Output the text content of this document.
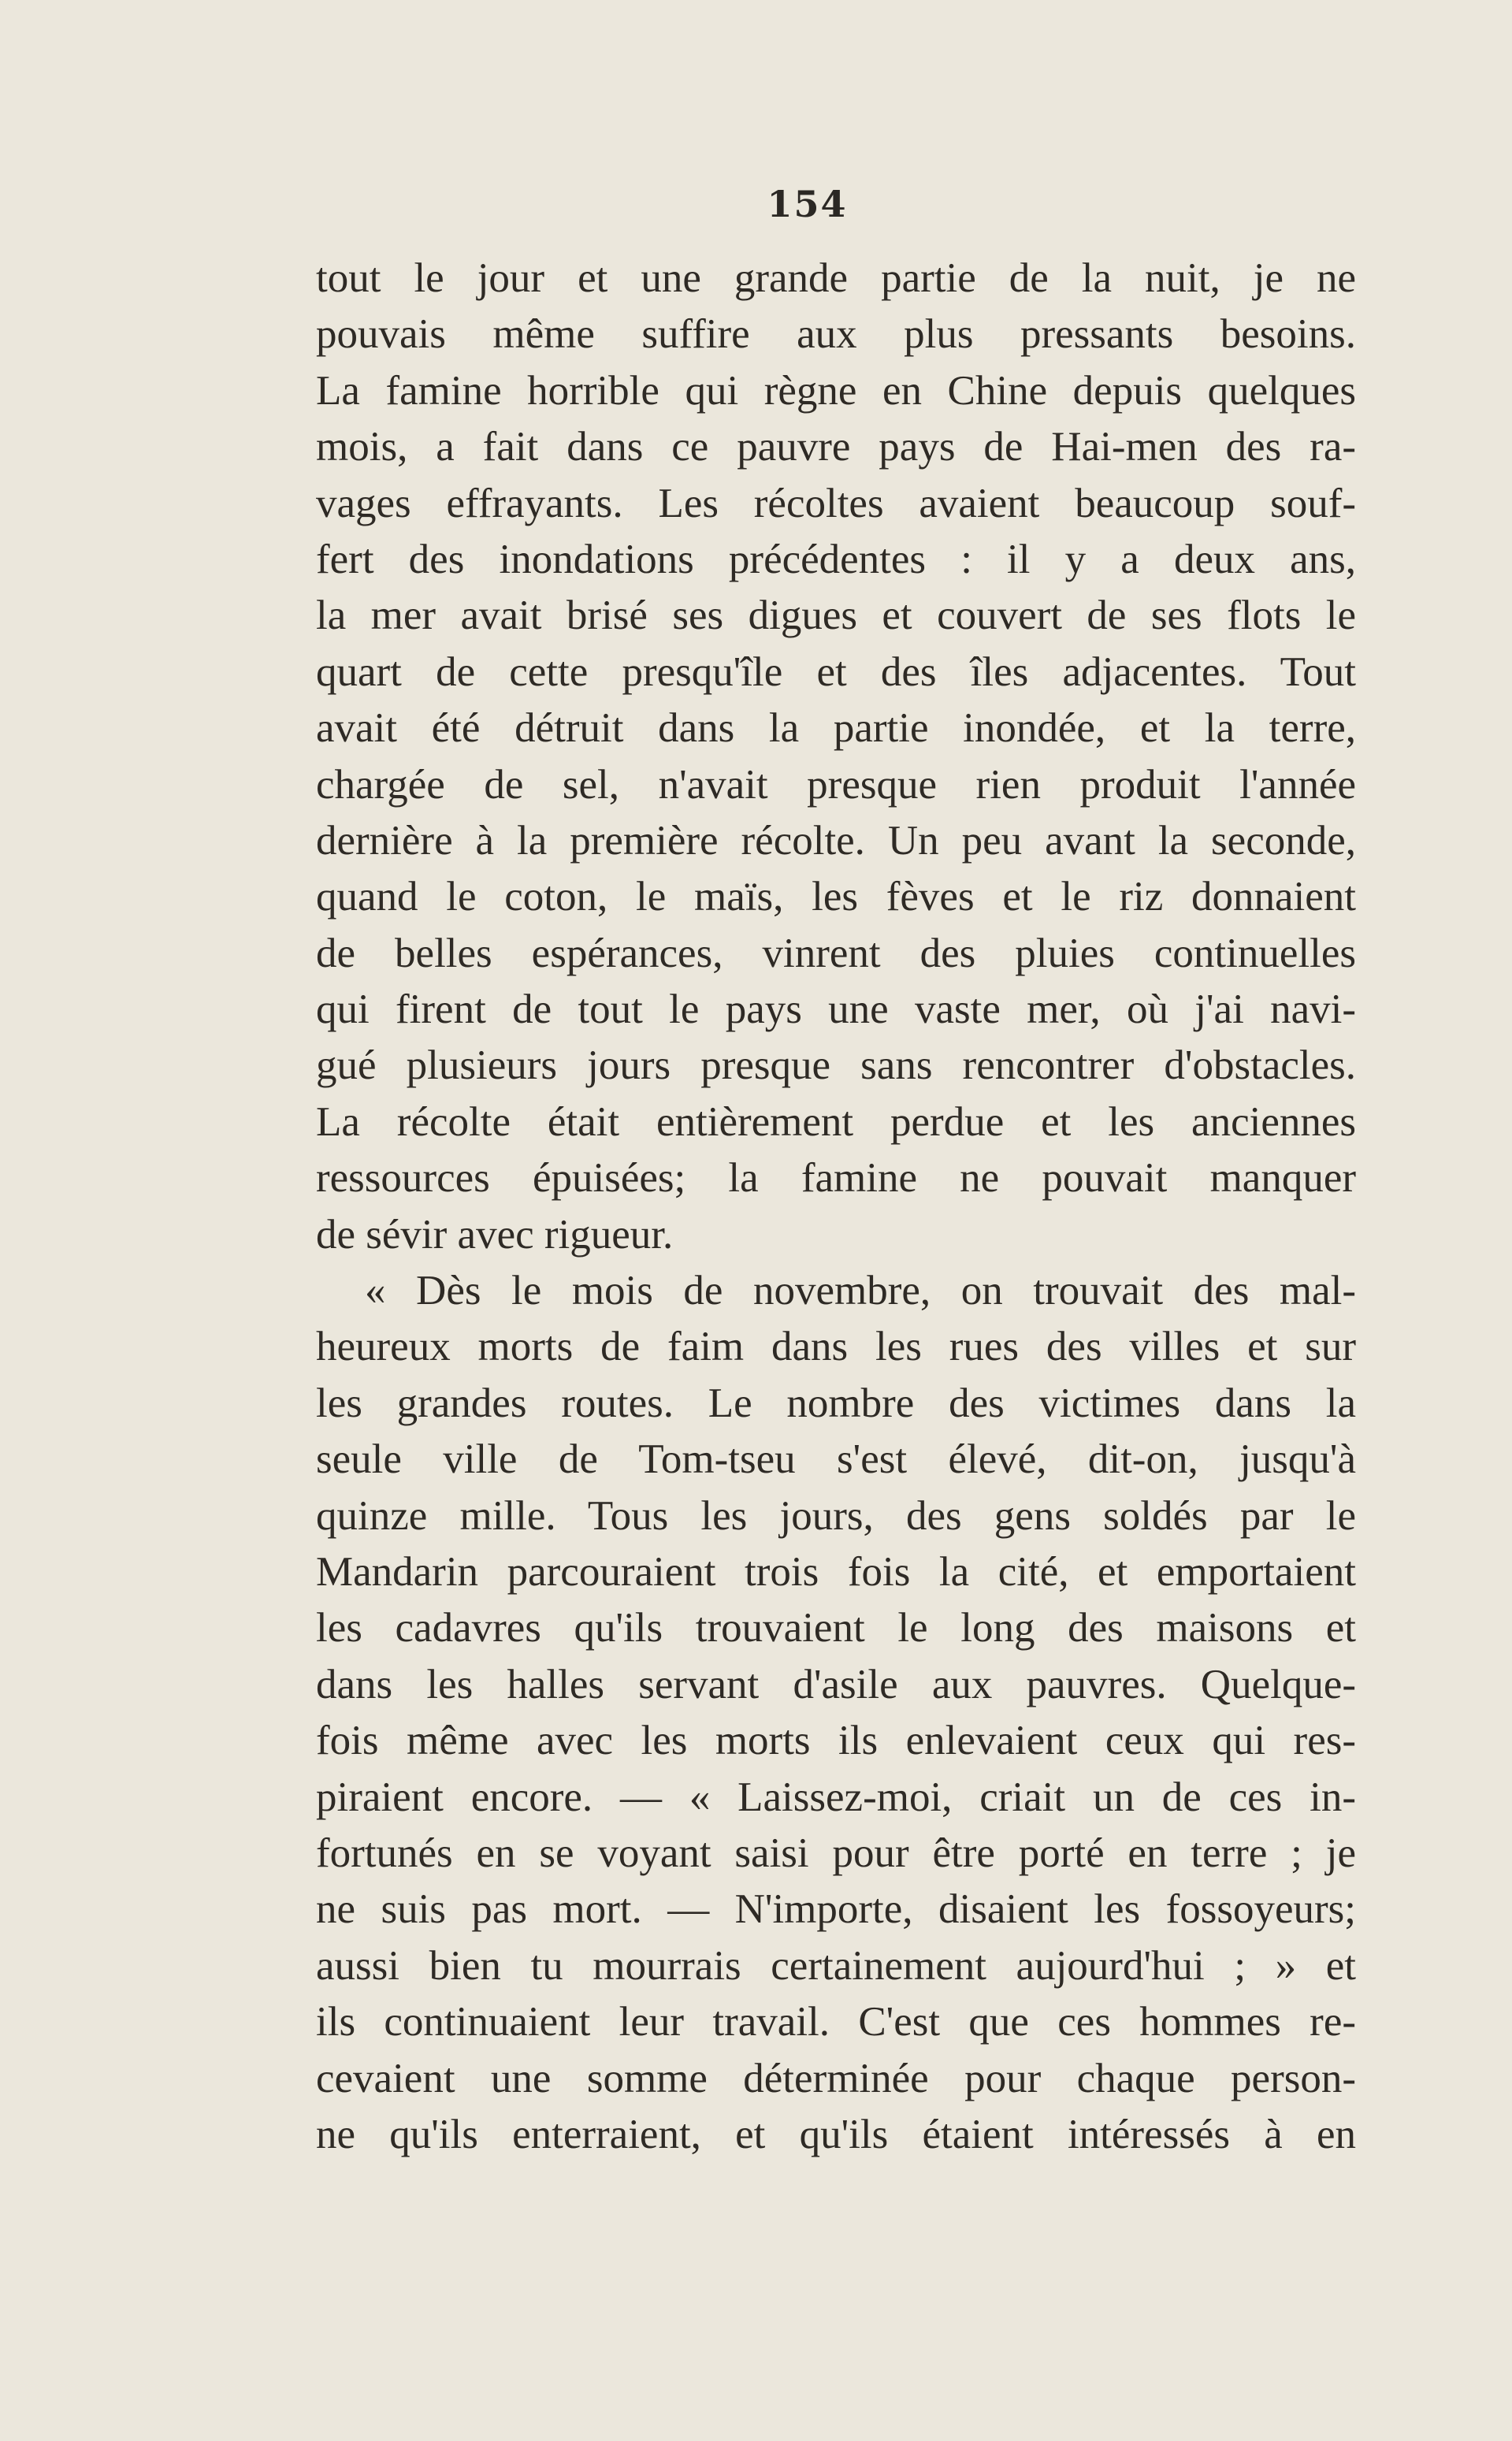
154
tout le jour et une grande partie de la nuit, je ne
pouvais même suffire aux plus pressants besoins.
La famine horrible qui règne en Chine depuis quelques
mois, a fait dans ce pauvre pays de Hai-men des ra-
vages effrayants. Les récoltes avaient beaucoup souf-
fert des inondations précédentes : il y a deux ans,
la mer avait brisé ses digues et couvert de ses flots le
quart de cette presqu'île et des îles adjacentes. Tout
avait été détruit dans la partie inondée, et la terre,
chargée de sel, n'avait presque rien produit l'année
dernière à la première récolte. Un peu avant la seconde,
quand le coton, le maïs, les fèves et le riz donnaient
de belles espérances, vinrent des pluies continuelles
qui firent de tout le pays une vaste mer, où j'ai navi-
gué plusieurs jours presque sans rencontrer d'obstacles.
La récolte était entièrement perdue et les anciennes
ressources épuisées; la famine ne pouvait manquer
de sévir avec rigueur.
« Dès le mois de novembre, on trouvait des mal-
heureux morts de faim dans les rues des villes et sur
les grandes routes. Le nombre des victimes dans la
seule ville de Tom-tseu s'est élevé, dit-on, jusqu'à
quinze mille. Tous les jours, des gens soldés par le
Mandarin parcouraient trois fois la cité, et emportaient
les cadavres qu'ils trouvaient le long des maisons et
dans les halles servant d'asile aux pauvres. Quelque-
fois même avec les morts ils enlevaient ceux qui res-
piraient encore. — « Laissez-moi, criait un de ces in-
fortunés en se voyant saisi pour être porté en terre ; je
ne suis pas mort. — N'importe, disaient les fossoyeurs;
aussi bien tu mourrais certainement aujourd'hui ; » et
ils continuaient leur travail. C'est que ces hommes re-
cevaient une somme déterminée pour chaque person-
ne qu'ils enterraient, et qu'ils étaient intéressés à en
